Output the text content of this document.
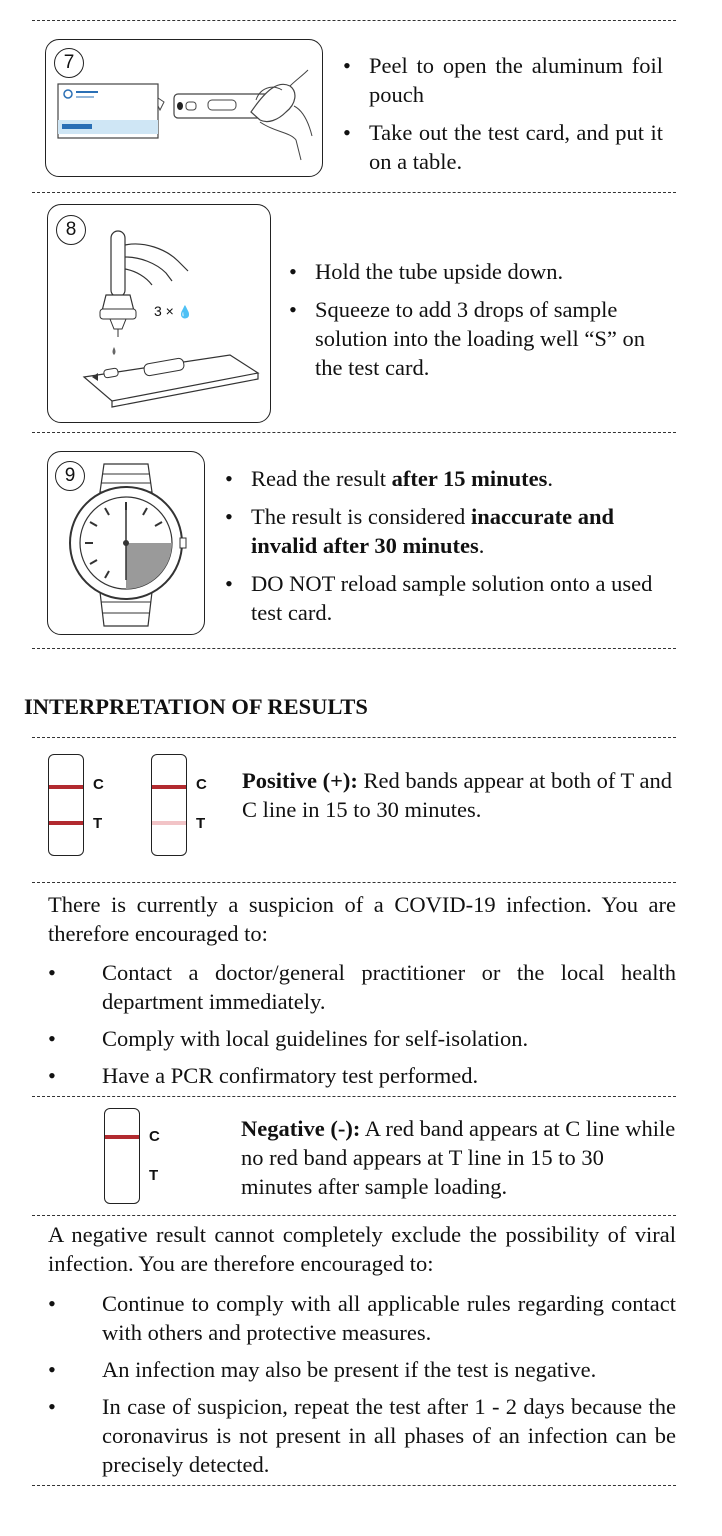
7	• Peel to open the aluminum foil pouch
• Take out the test card, and put it on a table.
8
3 × 💧
• Hold the tube upside down.
• Squeeze to add 3 drops of sample solution into the loading well “S” on the test card.
9	• Read the result after 15 minutes.
• The result is considered inaccurate and invalid after 30 minutes.
• DO NOT reload sample solution onto a used test card.
INTERPRETATION OF RESULTS
C
T
C
T
Positive (+): Red bands appear at both of T and C line in 15 to 30 minutes.
There is currently a suspicion of a COVID-19 infection. You are therefore encouraged to:
• Contact a doctor/general practitioner or the local health department immediately.
• Comply with local guidelines for self-isolation.
• Have a PCR confirmatory test performed.
C
T
Negative (-): A red band appears at C line while no red band appears at T line in 15 to 30 minutes after sample loading.
A negative result cannot completely exclude the possibility of viral infection. You are therefore encouraged to:
• Continue to comply with all applicable rules regarding contact with others and protective measures.
• An infection may also be present if the test is negative.
• In case of suspicion, repeat the test after 1 - 2 days because the coronavirus is not present in all phases of an infection can be precisely detected.
